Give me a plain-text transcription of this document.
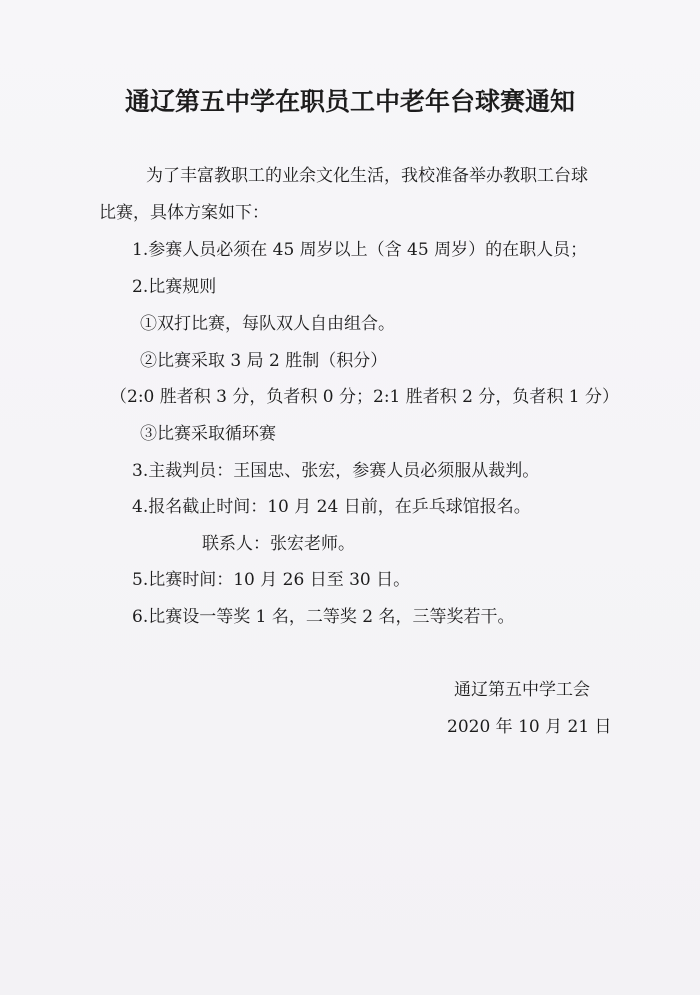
通辽第五中学在职员工中老年台球赛通知
为了丰富教职工的业余文化生活，我校准备举办教职工台球
比赛，具体方案如下：
1.参赛人员必须在 45 周岁以上（含 45 周岁）的在职人员；
2.比赛规则
①双打比赛，每队双人自由组合。
②比赛采取 3 局 2 胜制（积分）
（2:0 胜者积 3 分，负者积 0 分；2:1 胜者积 2 分，负者积 1 分）
③比赛采取循环赛
3.主裁判员：王国忠、张宏，参赛人员必须服从裁判。
4.报名截止时间：10 月 24 日前，在乒乓球馆报名。
联系人：张宏老师。
5.比赛时间：10 月 26 日至 30 日。
6.比赛设一等奖 1 名，二等奖 2 名，三等奖若干。
通辽第五中学工会
2020 年 10 月 21 日
